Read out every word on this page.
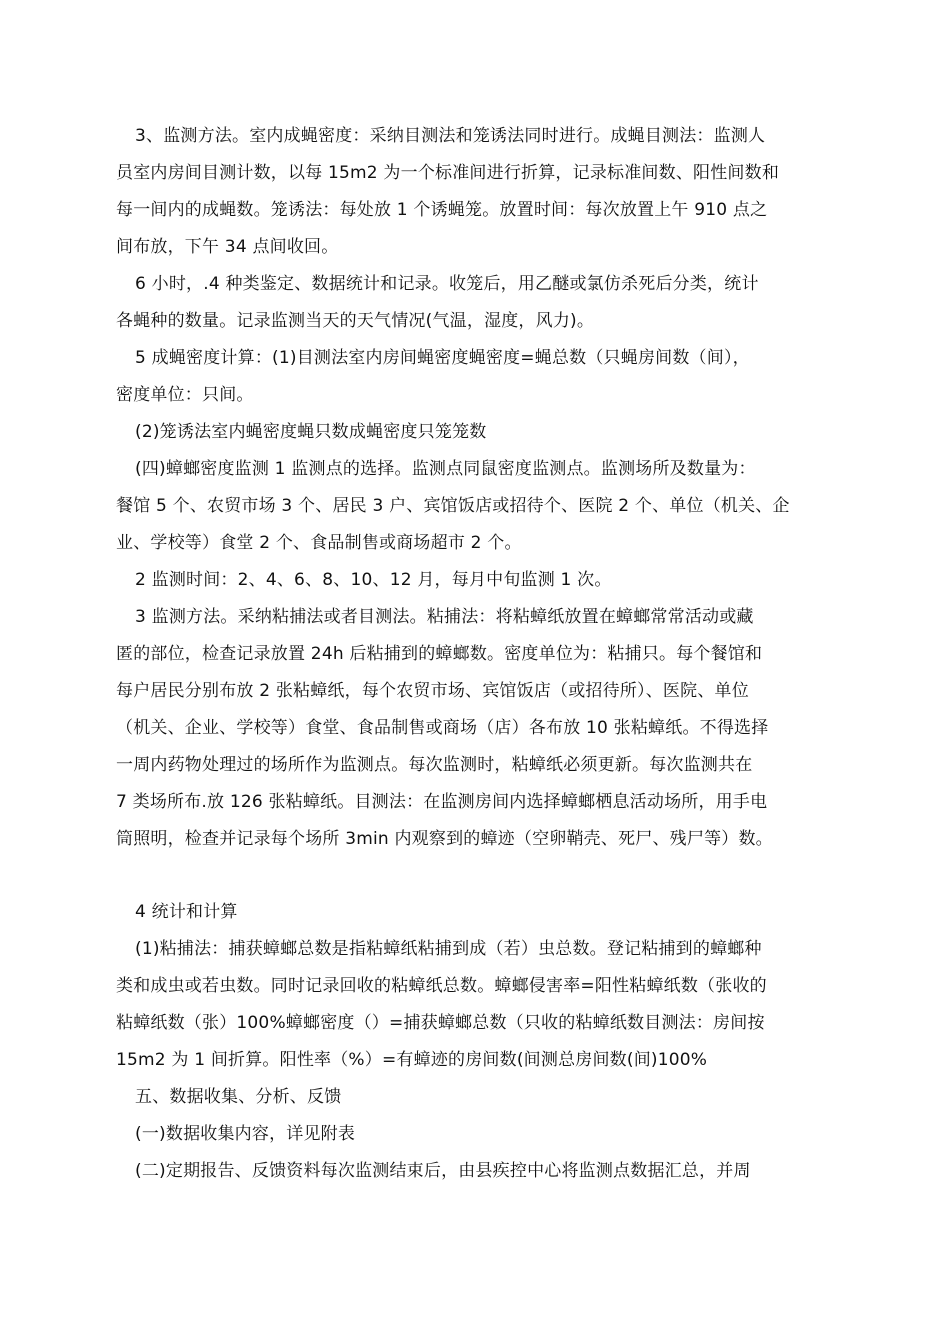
3、监测方法。室内成蝇密度：采纳目测法和笼诱法同时进行。成蝇目测法：监测人
员室内房间目测计数，以每 15m2 为一个标准间进行折算，记录标准间数、阳性间数和
每一间内的成蝇数。笼诱法：每处放 1 个诱蝇笼。放置时间：每次放置上午 910 点之
间布放，下午 34 点间收回。

6 小时，.4 种类鉴定、数据统计和记录。收笼后，用乙醚或氯仿杀死后分类，统计
各蝇种的数量。记录监测当天的天气情况(气温，湿度，风力)。

5 成蝇密度计算：(1)目测法室内房间蝇密度蝇密度=蝇总数（只蝇房间数（间），
密度单位：只间。

(2)笼诱法室内蝇密度蝇只数成蝇密度只笼笼数

(四)蟑螂密度监测 1 监测点的选择。监测点同鼠密度监测点。监测场所及数量为：
餐馆 5 个、农贸市场 3 个、居民 3 户、宾馆饭店或招待个、医院 2 个、单位（机关、企
业、学校等）食堂 2 个、食品制售或商场超市 2 个。

2 监测时间：2、4、6、8、10、12 月，每月中旬监测 1 次。

3 监测方法。采纳粘捕法或者目测法。粘捕法：将粘蟑纸放置在蟑螂常常活动或藏
匿的部位，检查记录放置 24h 后粘捕到的蟑螂数。密度单位为：粘捕只。每个餐馆和
每户居民分别布放 2 张粘蟑纸，每个农贸市场、宾馆饭店（或招待所）、医院、单位
（机关、企业、学校等）食堂、食品制售或商场（店）各布放 10 张粘蟑纸。不得选择
一周内药物处理过的场所作为监测点。每次监测时，粘蟑纸必须更新。每次监测共在
7 类场所布.放 126 张粘蟑纸。目测法：在监测房间内选择蟑螂栖息活动场所，用手电
筒照明，检查并记录每个场所 3min 内观察到的蟑迹（空卵鞘壳、死尸、残尸等）数。

4 统计和计算

(1)粘捕法：捕获蟑螂总数是指粘蟑纸粘捕到成（若）虫总数。登记粘捕到的蟑螂种
类和成虫或若虫数。同时记录回收的粘蟑纸总数。蟑螂侵害率=阳性粘蟑纸数（张收的
粘蟑纸数（张）100%蟑螂密度（）=捕获蟑螂总数（只收的粘蟑纸数目测法：房间按
15m2 为 1 间折算。阳性率（%）=有蟑迹的房间数(间测总房间数(间)100%

五、数据收集、分析、反馈

(一)数据收集内容，详见附表

(二)定期报告、反馈资料每次监测结束后，由县疾控中心将监测点数据汇总，并周
